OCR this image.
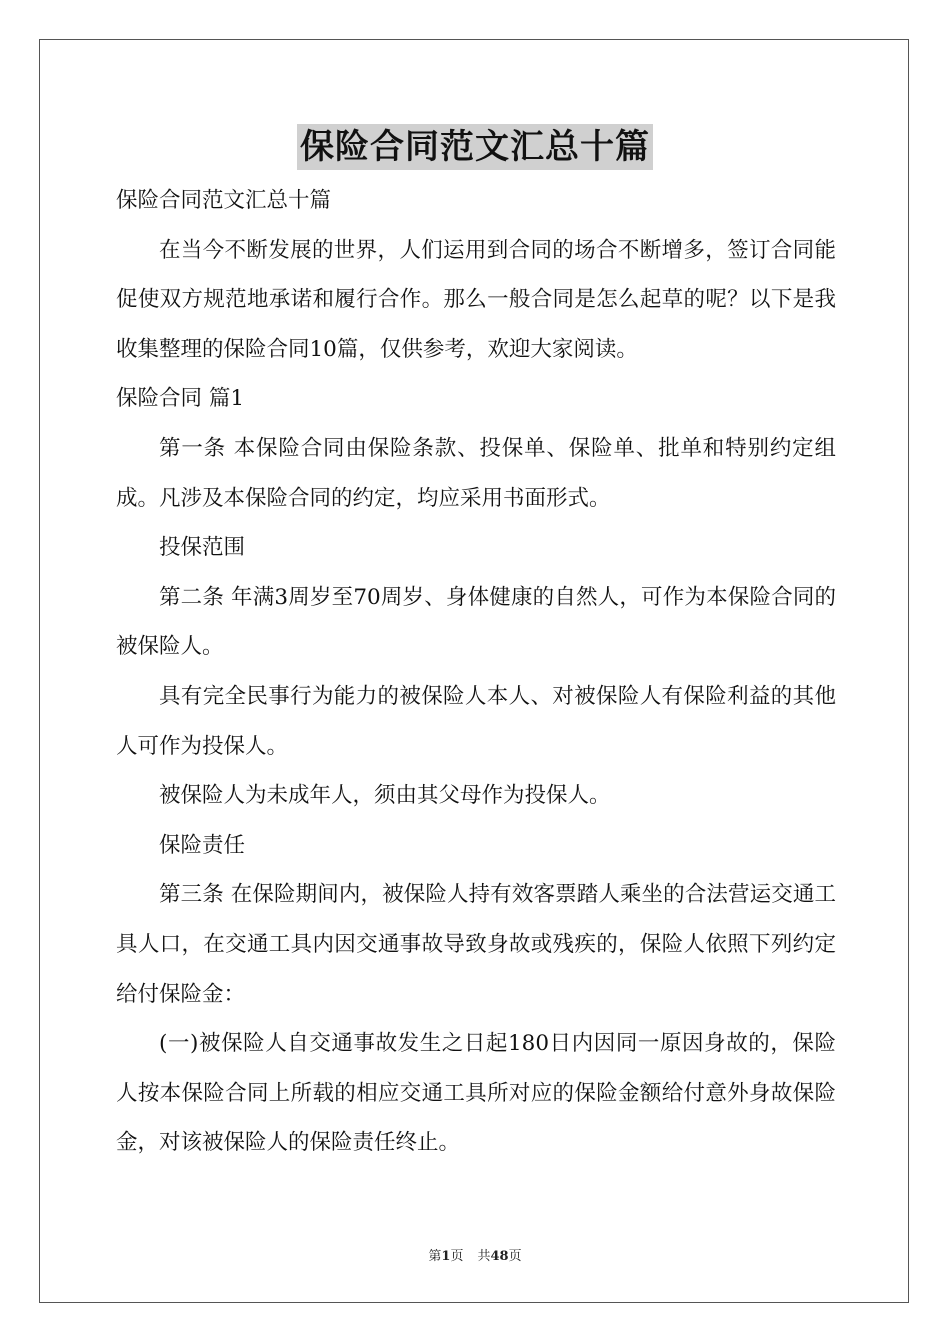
保险合同范文汇总十篇

保险合同范文汇总十篇

在当今不断发展的世界，人们运用到合同的场合不断增多，签订合同能促使双方规范地承诺和履行合作。那么一般合同是怎么起草的呢？以下是我收集整理的保险合同10篇，仅供参考，欢迎大家阅读。

保险合同 篇1

第一条 本保险合同由保险条款、投保单、保险单、批单和特别约定组成。凡涉及本保险合同的约定，均应采用书面形式。

投保范围

第二条 年满3周岁至70周岁、身体健康的自然人，可作为本保险合同的被保险人。

具有完全民事行为能力的被保险人本人、对被保险人有保险利益的其他人可作为投保人。

被保险人为未成年人，须由其父母作为投保人。

保险责任

第三条 在保险期间内，被保险人持有效客票踏人乘坐的合法营运交通工具人口，在交通工具内因交通事故导致身故或残疾的，保险人依照下列约定给付保险金：

(一)被保险人自交通事故发生之日起180日内因同一原因身故的，保险人按本保险合同上所载的相应交通工具所对应的保险金额给付意外身故保险金，对该被保险人的保险责任终止。

第1页 共48页
